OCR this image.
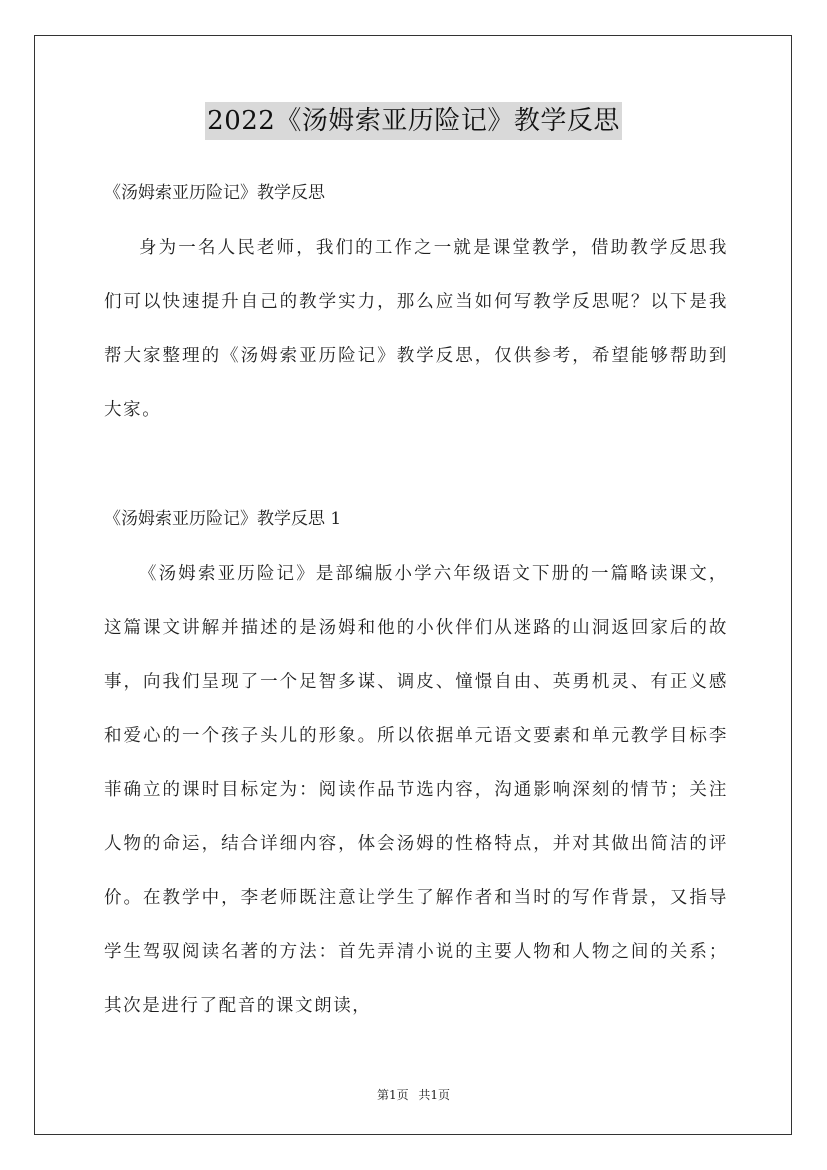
2022《汤姆索亚历险记》教学反思
《汤姆索亚历险记》教学反思

身为一名人民老师，我们的工作之一就是课堂教学，借助教学反思我们可以快速提升自己的教学实力，那么应当如何写教学反思呢？以下是我帮大家整理的《汤姆索亚历险记》教学反思，仅供参考，希望能够帮助到大家。

《汤姆索亚历险记》教学反思 1

《汤姆索亚历险记》是部编版小学六年级语文下册的一篇略读课文，这篇课文讲解并描述的是汤姆和他的小伙伴们从迷路的山洞返回家后的故事，向我们呈现了一个足智多谋、调皮、憧憬自由、英勇机灵、有正义感和爱心的一个孩子头儿的形象。所以依据单元语文要素和单元教学目标李菲确立的课时目标定为：阅读作品节选内容，沟通影响深刻的情节；关注人物的命运，结合详细内容，体会汤姆的性格特点，并对其做出简洁的评价。在教学中，李老师既注意让学生了解作者和当时的写作背景，又指导学生驾驭阅读名著的方法：首先弄清小说的主要人物和人物之间的关系；其次是进行了配音的课文朗读，

第1页 共1页
